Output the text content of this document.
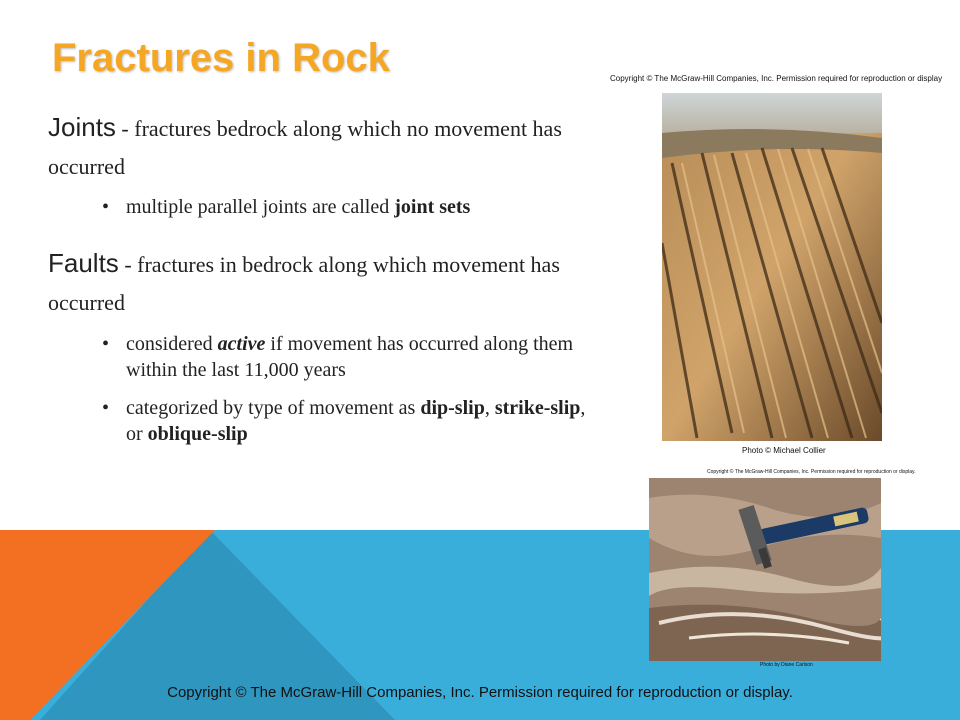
Fractures in Rock
Joints - fractures bedrock along which no movement has occurred
• multiple parallel joints are called joint sets
Faults - fractures in bedrock along which movement has occurred
• considered active if movement has occurred along them within the last 11,000 years
• categorized by type of movement as dip-slip, strike-slip, or oblique-slip
Copyright © The McGraw-Hill Companies, Inc. Permission required for reproduction or display
Photo © Michael Collier
Copyright © The McGraw-Hill Companies, Inc. Permission required for reproduction or display.
Photo by Diane Carlson
Copyright © The McGraw-Hill Companies, Inc. Permission required for reproduction or display.
